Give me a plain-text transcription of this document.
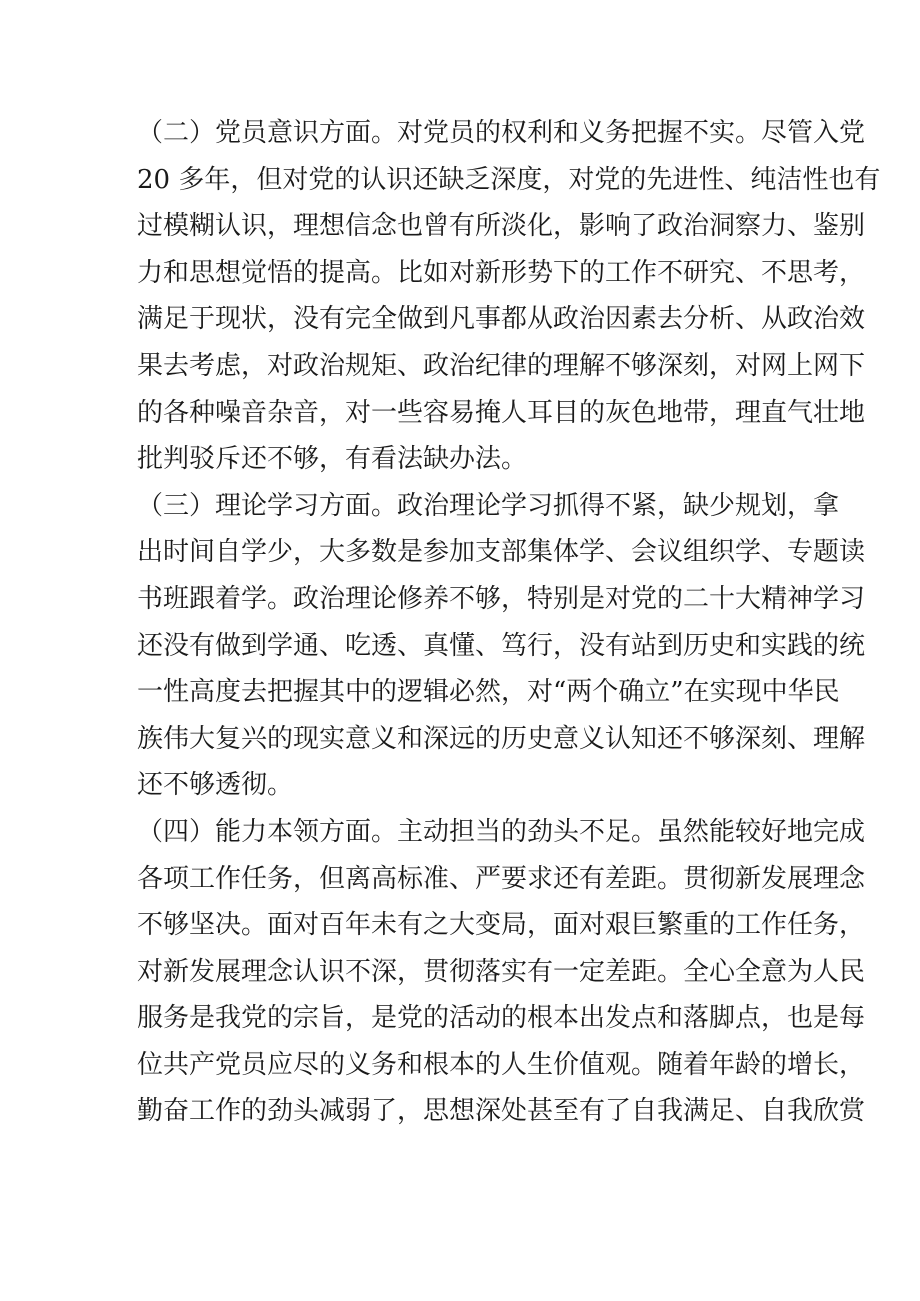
（二）党员意识方面。对党员的权利和义务把握不实。尽管入党
20 多年，但对党的认识还缺乏深度，对党的先进性、纯洁性也有
过模糊认识，理想信念也曾有所淡化，影响了政治洞察力、鉴别
力和思想觉悟的提高。比如对新形势下的工作不研究、不思考，
满足于现状，没有完全做到凡事都从政治因素去分析、从政治效
果去考虑，对政治规矩、政治纪律的理解不够深刻，对网上网下
的各种噪音杂音，对一些容易掩人耳目的灰色地带，理直气壮地
批判驳斥还不够，有看法缺办法。
（三）理论学习方面。政治理论学习抓得不紧，缺少规划，拿
出时间自学少，大多数是参加支部集体学、会议组织学、专题读
书班跟着学。政治理论修养不够，特别是对党的二十大精神学习
还没有做到学通、吃透、真懂、笃行，没有站到历史和实践的统
一性高度去把握其中的逻辑必然，对“两个确立”在实现中华民
族伟大复兴的现实意义和深远的历史意义认知还不够深刻、理解
还不够透彻。
（四）能力本领方面。主动担当的劲头不足。虽然能较好地完成
各项工作任务，但离高标准、严要求还有差距。贯彻新发展理念
不够坚决。面对百年未有之大变局，面对艰巨繁重的工作任务，
对新发展理念认识不深，贯彻落实有一定差距。全心全意为人民
服务是我党的宗旨，是党的活动的根本出发点和落脚点，也是每
位共产党员应尽的义务和根本的人生价值观。随着年龄的增长，
勤奋工作的劲头减弱了，思想深处甚至有了自我满足、自我欣赏
